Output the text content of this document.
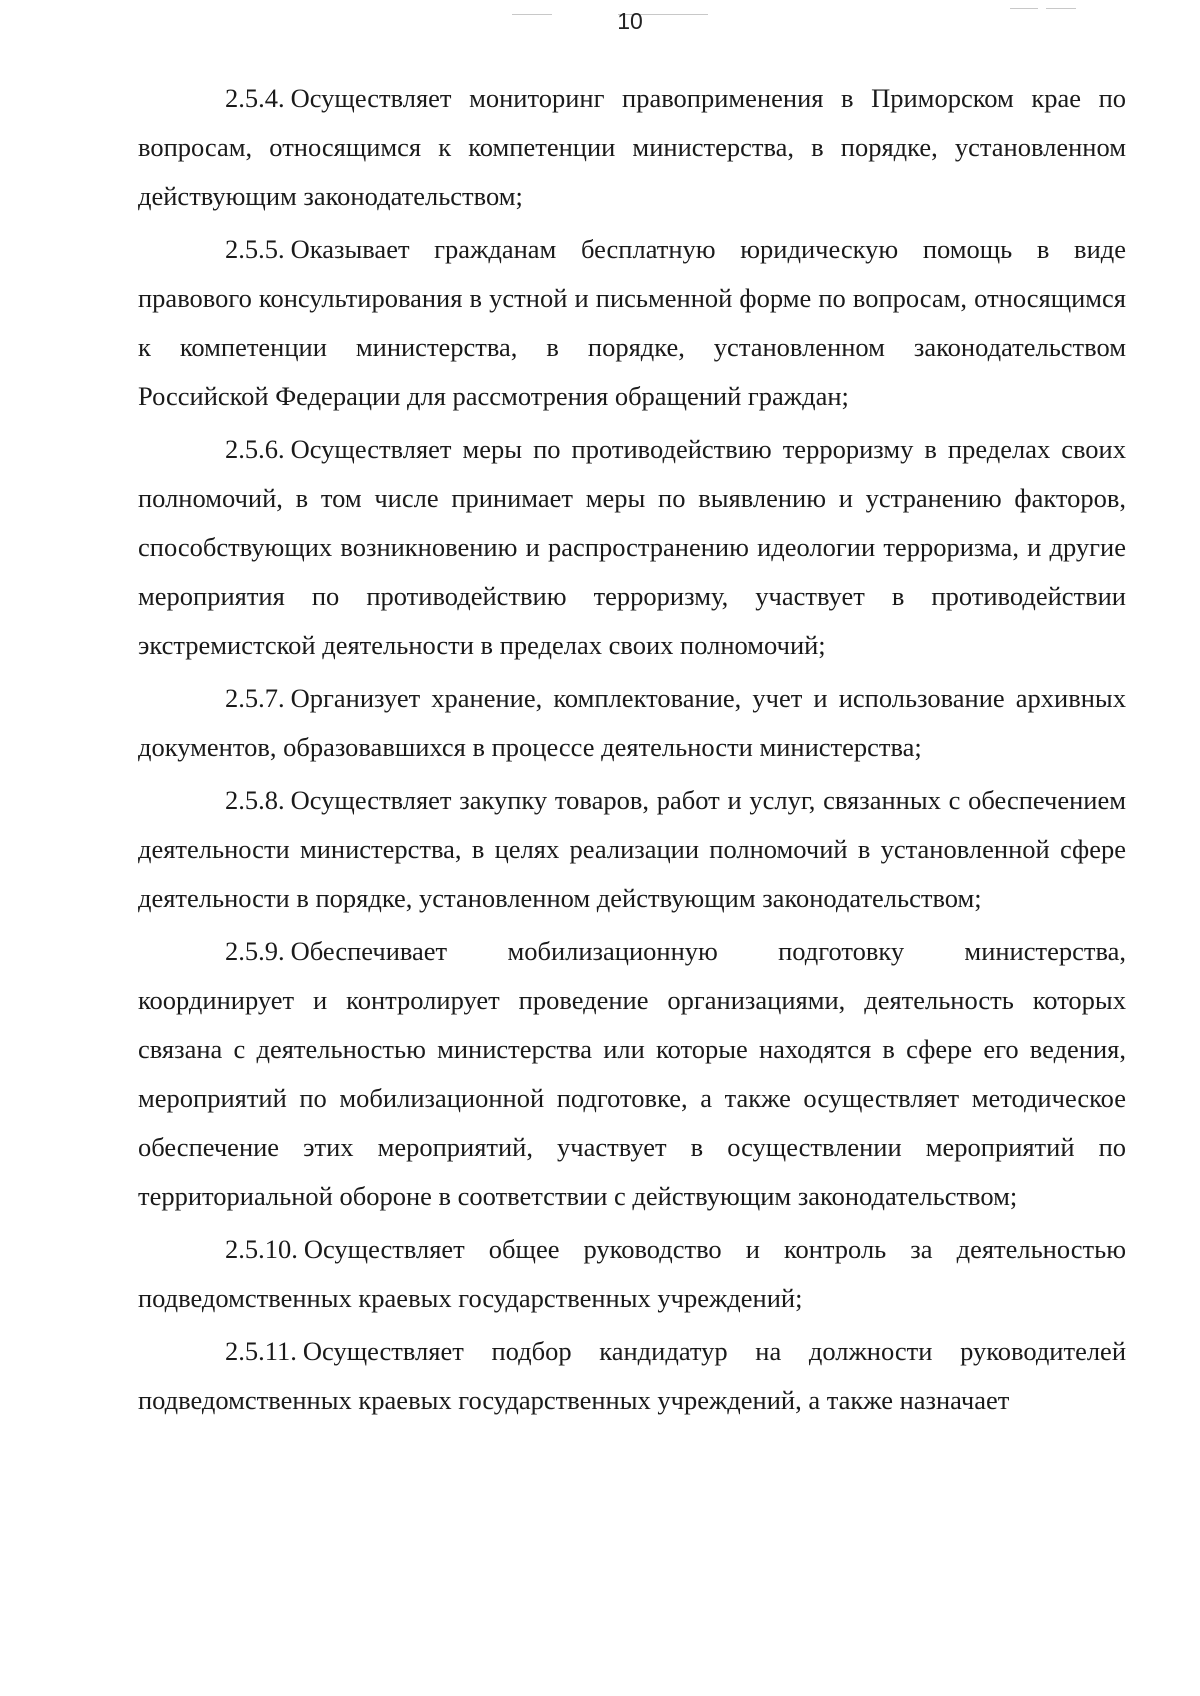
10

2.5.4. Осуществляет мониторинг правоприменения в Приморском крае по вопросам, относящимся к компетенции министерства, в порядке, установленном действующим законодательством;

2.5.5. Оказывает гражданам бесплатную юридическую помощь в виде правового консультирования в устной и письменной форме по вопросам, относящимся к компетенции министерства, в порядке, установленном законодательством Российской Федерации для рассмотрения обращений граждан;

2.5.6. Осуществляет меры по противодействию терроризму в пределах своих полномочий, в том числе принимает меры по выявлению и устранению факторов, способствующих возникновению и распространению идеологии терроризма, и другие мероприятия по противодействию терроризму, участвует в противодействии экстремистской деятельности в пределах своих полномочий;

2.5.7. Организует хранение, комплектование, учет и использование архивных документов, образовавшихся в процессе деятельности министерства;

2.5.8. Осуществляет закупку товаров, работ и услуг, связанных с обеспечением деятельности министерства, в целях реализации полномочий в установленной сфере деятельности в порядке, установленном действующим законодательством;

2.5.9. Обеспечивает мобилизационную подготовку министерства, координирует и контролирует проведение организациями, деятельность которых связана с деятельностью министерства или которые находятся в сфере его ведения, мероприятий по мобилизационной подготовке, а также осуществляет методическое обеспечение этих мероприятий, участвует в осуществлении мероприятий по территориальной обороне в соответствии с действующим законодательством;

2.5.10. Осуществляет общее руководство и контроль за деятельностью подведомственных краевых государственных учреждений;

2.5.11. Осуществляет подбор кандидатур на должности руководителей подведомственных краевых государственных учреждений, а также назначает
